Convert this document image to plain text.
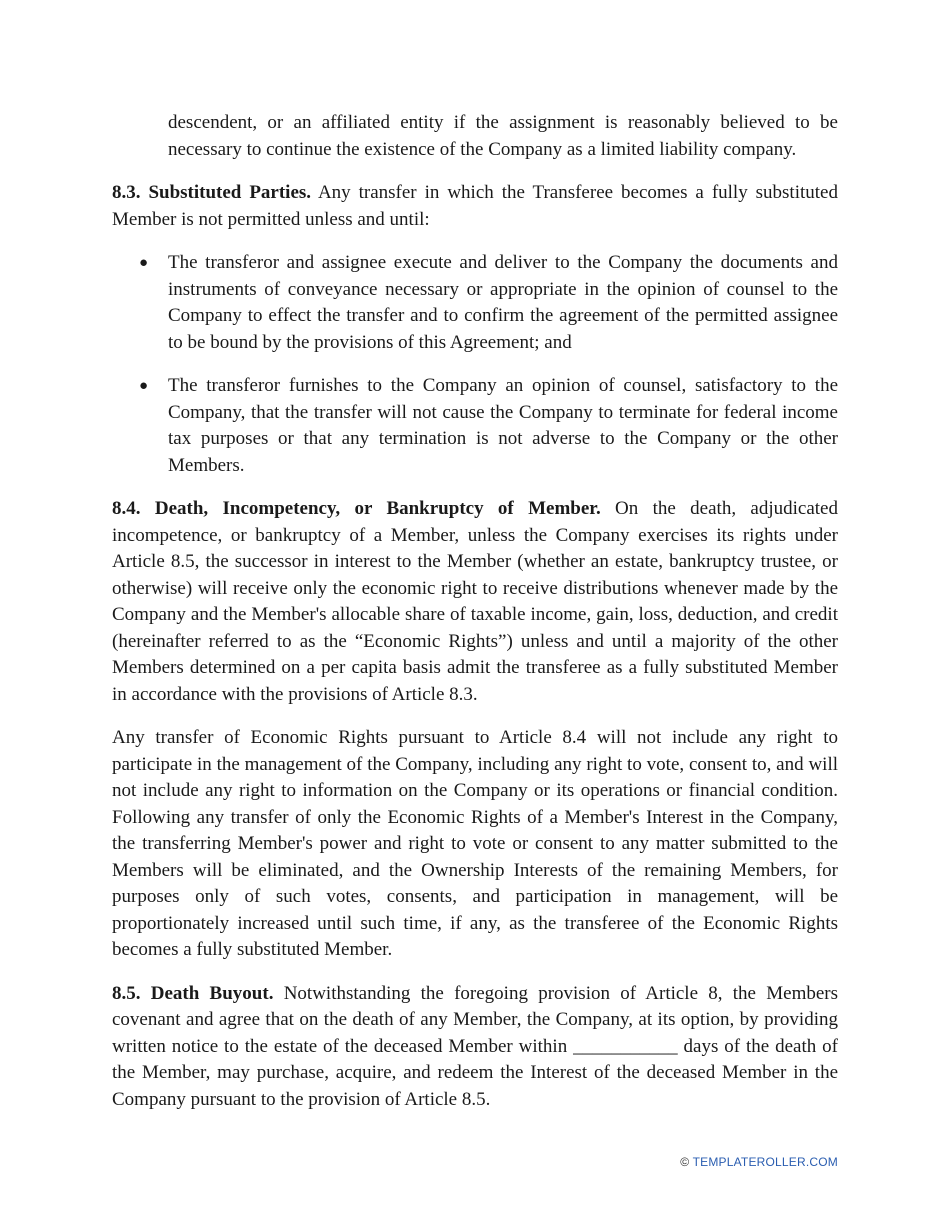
descendent, or an affiliated entity if the assignment is reasonably believed to be necessary to continue the existence of the Company as a limited liability company.

8.3. Substituted Parties. Any transfer in which the Transferee becomes a fully substituted Member is not permitted unless and until:

● The transferor and assignee execute and deliver to the Company the documents and instruments of conveyance necessary or appropriate in the opinion of counsel to the Company to effect the transfer and to confirm the agreement of the permitted assignee to be bound by the provisions of this Agreement; and
● The transferor furnishes to the Company an opinion of counsel, satisfactory to the Company, that the transfer will not cause the Company to terminate for federal income tax purposes or that any termination is not adverse to the Company or the other Members.

8.4. Death, Incompetency, or Bankruptcy of Member. On the death, adjudicated incompetence, or bankruptcy of a Member, unless the Company exercises its rights under Article 8.5, the successor in interest to the Member (whether an estate, bankruptcy trustee, or otherwise) will receive only the economic right to receive distributions whenever made by the Company and the Member's allocable share of taxable income, gain, loss, deduction, and credit (hereinafter referred to as the “Economic Rights”) unless and until a majority of the other Members determined on a per capita basis admit the transferee as a fully substituted Member in accordance with the provisions of Article 8.3.

Any transfer of Economic Rights pursuant to Article 8.4 will not include any right to participate in the management of the Company, including any right to vote, consent to, and will not include any right to information on the Company or its operations or financial condition. Following any transfer of only the Economic Rights of a Member's Interest in the Company, the transferring Member's power and right to vote or consent to any matter submitted to the Members will be eliminated, and the Ownership Interests of the remaining Members, for purposes only of such votes, consents, and participation in management, will be proportionately increased until such time, if any, as the transferee of the Economic Rights becomes a fully substituted Member.

8.5. Death Buyout. Notwithstanding the foregoing provision of Article 8, the Members covenant and agree that on the death of any Member, the Company, at its option, by providing written notice to the estate of the deceased Member within ___________ days of the death of the Member, may purchase, acquire, and redeem the Interest of the deceased Member in the Company pursuant to the provision of Article 8.5.

© TEMPLATEROLLER.COM
